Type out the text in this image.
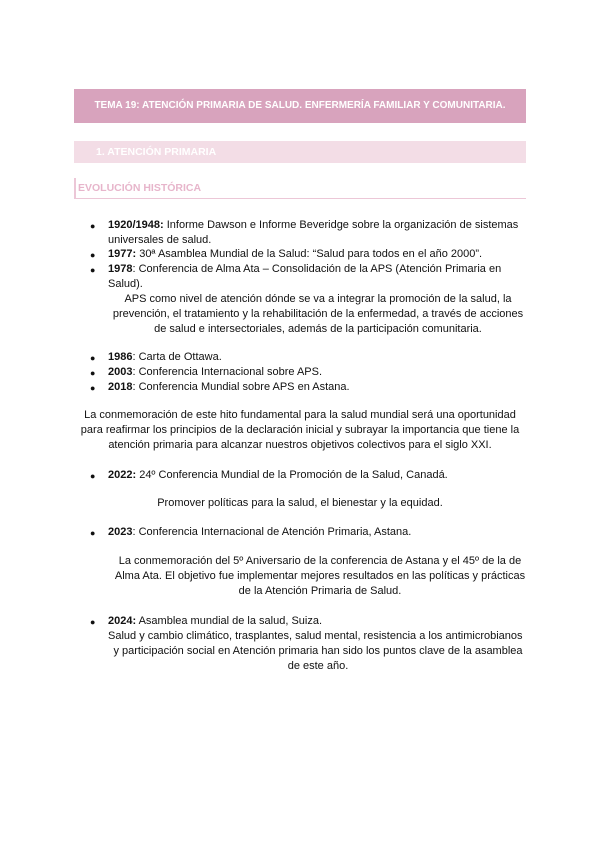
TEMA 19: ATENCIÓN PRIMARIA DE SALUD. ENFERMERÍA FAMILIAR Y COMUNITARIA.
1. ATENCIÓN PRIMARIA
EVOLUCIÓN HISTÓRICA
● 1920/1948: Informe Dawson e Informe Beveridge sobre la organización de sistemas
universales de salud.
● 1977: 30ª Asamblea Mundial de la Salud: “Salud para todos en el año 2000”.
● 1978: Conferencia de Alma Ata – Consolidación de la APS (Atención Primaria en
Salud).
APS como nivel de atención dónde se va a integrar la promoción de la salud, la
prevención, el tratamiento y la rehabilitación de la enfermedad, a través de acciones
de salud e intersectoriales, además de la participación comunitaria.
● 1986: Carta de Ottawa.
● 2003: Conferencia Internacional sobre APS.
● 2018: Conferencia Mundial sobre APS en Astana.
La conmemoración de este hito fundamental para la salud mundial será una oportunidad
para reafirmar los principios de la declaración inicial y subrayar la importancia que tiene la
atención primaria para alcanzar nuestros objetivos colectivos para el siglo XXI.
● 2022: 24º Conferencia Mundial de la Promoción de la Salud, Canadá.
Promover políticas para la salud, el bienestar y la equidad.
● 2023: Conferencia Internacional de Atención Primaria, Astana.
La conmemoración del 5º Aniversario de la conferencia de Astana y el 45º de la de
Alma Ata. El objetivo fue implementar mejores resultados en las políticas y prácticas
de la Atención Primaria de Salud.
● 2024: Asamblea mundial de la salud, Suiza.
Salud y cambio climático, trasplantes, salud mental, resistencia a los antimicrobianos
y participación social en Atención primaria han sido los puntos clave de la asamblea
de este año.
